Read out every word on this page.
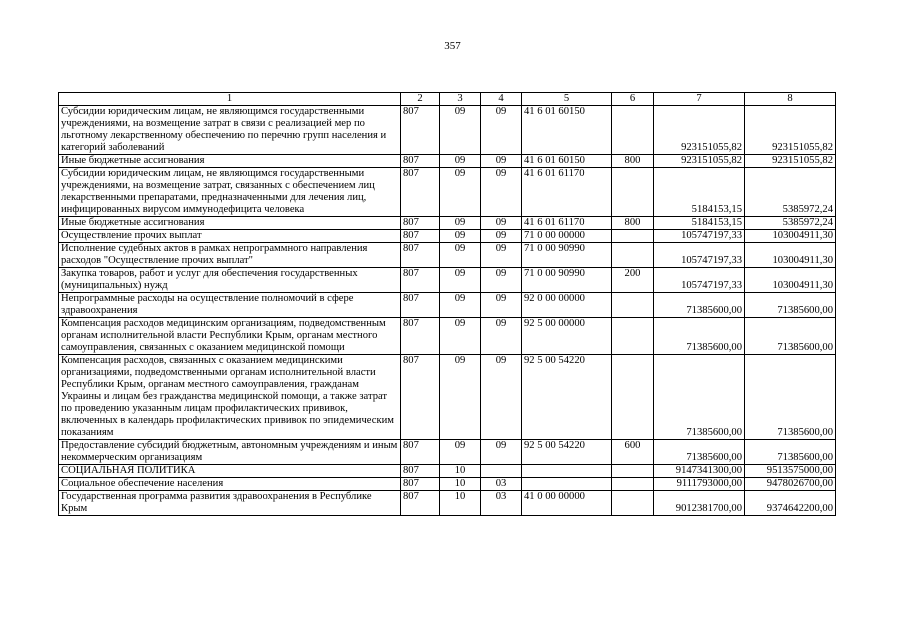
357
1	2	3	4	5	6	7	8
Субсидии юридическим лицам, не являющимся государственными учреждениями, на возмещение затрат в связи с реализацией мер по льготному лекарственному обеспечению по перечню групп населения и категорий заболеваний	807	09	09	41 6 01 60150		923151055,82	923151055,82
Иные бюджетные ассигнования	807	09	09	41 6 01 60150	800	923151055,82	923151055,82
Субсидии юридическим лицам, не являющимся государственными учреждениями, на возмещение затрат, связанных с обеспечением лиц лекарственными препаратами, предназначенными для лечения лиц, инфицированных вирусом иммунодефицита человека	807	09	09	41 6 01 61170		5184153,15	5385972,24
Иные бюджетные ассигнования	807	09	09	41 6 01 61170	800	5184153,15	5385972,24
Осуществление прочих выплат	807	09	09	71 0 00 00000		105747197,33	103004911,30
Исполнение судебных актов в рамках непрограммного направления расходов "Осуществление прочих выплат"	807	09	09	71 0 00 90990		105747197,33	103004911,30
Закупка товаров, работ и услуг для обеспечения государственных (муниципальных) нужд	807	09	09	71 0 00 90990	200	105747197,33	103004911,30
Непрограммные расходы на осуществление полномочий в сфере здравоохранения	807	09	09	92 0 00 00000		71385600,00	71385600,00
Компенсация расходов медицинским организациям, подведомственным органам исполнительной власти Республики Крым, органам местного самоуправления, связанных с оказанием медицинской помощи	807	09	09	92 5 00 00000		71385600,00	71385600,00
Компенсация расходов, связанных с оказанием медицинскими организациями, подведомственными органам исполнительной власти Республики Крым, органам местного самоуправления, гражданам Украины и лицам без гражданства медицинской помощи, а также затрат по проведению указанным лицам профилактических прививок, включенных в календарь профилактических прививок по эпидемическим показаниям	807	09	09	92 5 00 54220		71385600,00	71385600,00
Предоставление субсидий бюджетным, автономным учреждениям и иным некоммерческим организациям	807	09	09	92 5 00 54220	600	71385600,00	71385600,00
СОЦИАЛЬНАЯ ПОЛИТИКА	807	10				9147341300,00	9513575000,00
Социальное обеспечение населения	807	10	03			9111793000,00	9478026700,00
Государственная программа развития здравоохранения в Республике Крым	807	10	03	41 0 00 00000		9012381700,00	9374642200,00
